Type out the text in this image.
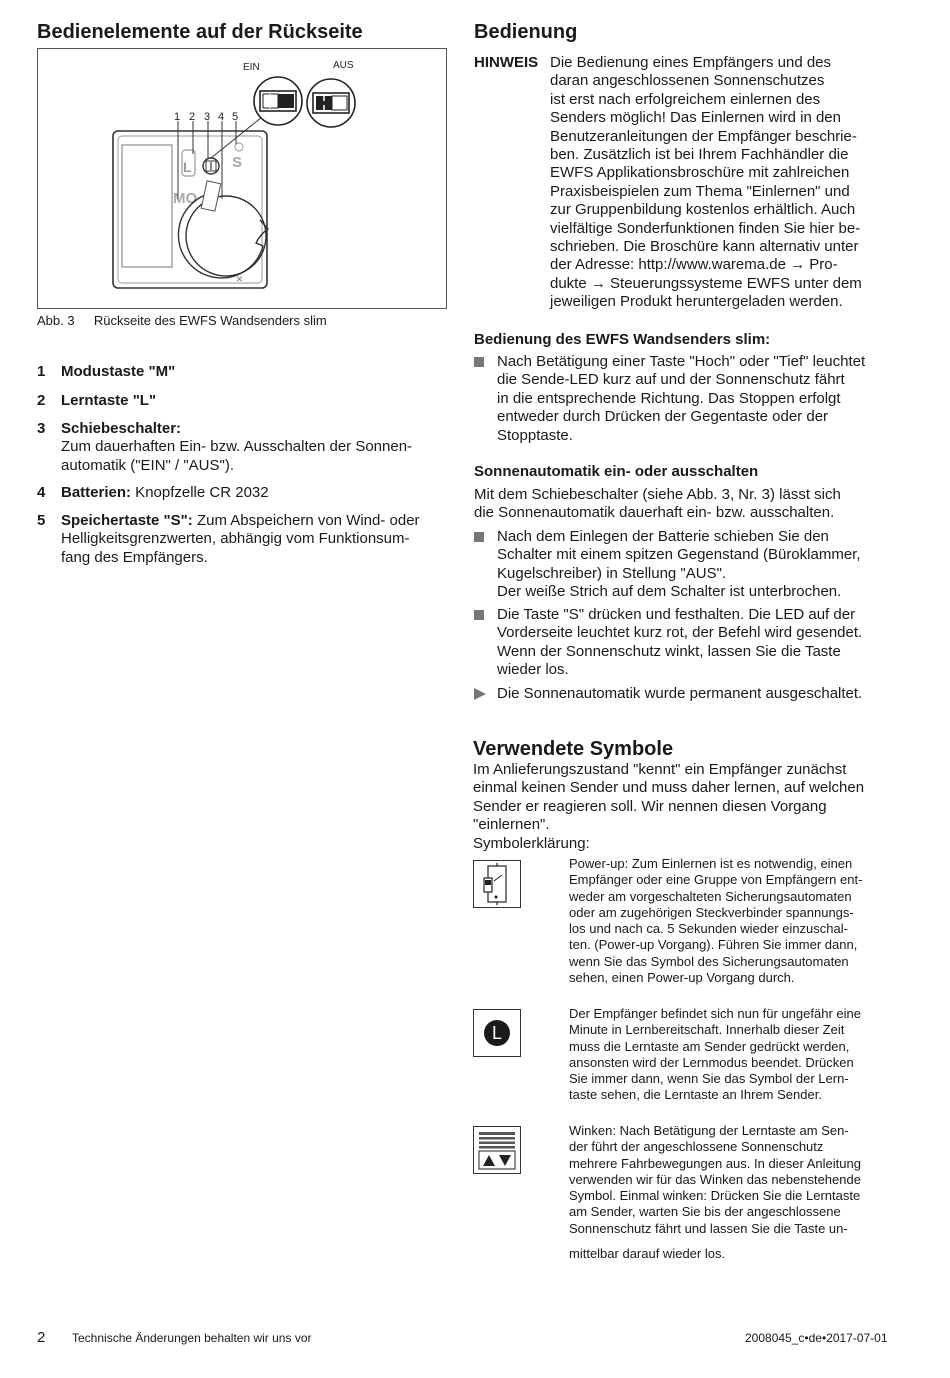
Bedienelemente auf der Rückseite
L
MO
S
×
1 2 3 4 5
EIN	AUS
Abb. 3 Rückseite des EWFS Wandsenders slim
1 Modustaste "M"
2 Lerntaste "L"
3 Schiebeschalter:
Zum dauerhaften Ein- bzw. Ausschalten der Sonnen-
automatik ("EIN" / "AUS").
4 Batterien: Knopfzelle CR 2032
5 Speichertaste "S": Zum Abspeichern von Wind- oder Helligkeitsgrenzwerten, abhängig vom Funktionsum-
fang des Empfängers.
Bedienung
HINWEIS Die Bedienung eines Empfängers und des
daran angeschlossenen Sonnenschutzes
ist erst nach erfolgreichem einlernen des
Senders möglich! Das Einlernen wird in den
Benutzeranleitungen der Empfänger beschrie-
ben. Zusätzlich ist bei Ihrem Fachhändler die
EWFS Applikationsbroschüre mit zahlreichen
Praxisbeispielen zum Thema "Einlernen" und
zur Gruppenbildung kostenlos erhältlich. Auch
vielfältige Sonderfunktionen finden Sie hier be-
schrieben. Die Broschüre kann alternativ unter
der Adresse: http://www.warema.de → Pro-
dukte → Steuerungssysteme EWFS unter dem
jeweiligen Produkt heruntergeladen werden.
Bedienung des EWFS Wandsenders slim:
Nach Betätigung einer Taste "Hoch" oder "Tief" leuchtet
die Sende-LED kurz auf und der Sonnenschutz fährt
in die entsprechende Richtung. Das Stoppen erfolgt
entweder durch Drücken der Gegentaste oder der
Stopptaste.
Sonnenautomatik ein- oder ausschalten
Mit dem Schiebeschalter (siehe Abb. 3, Nr. 3) lässt sich
die Sonnenautomatik dauerhaft ein- bzw. ausschalten.
Nach dem Einlegen der Batterie schieben Sie den
Schalter mit einem spitzen Gegenstand (Büroklammer,
Kugelschreiber) in Stellung "AUS".
Der weiße Strich auf dem Schalter ist unterbrochen.
Die Taste "S" drücken und festhalten. Die LED auf der
Vorderseite leuchtet kurz rot, der Befehl wird gesendet.
Wenn der Sonnenschutz winkt, lassen Sie die Taste
wieder los.
Die Sonnenautomatik wurde permanent ausgeschaltet.
Verwendete Symbole
Im Anlieferungszustand "kennt" ein Empfänger zunächst
einmal keinen Sender und muss daher lernen, auf welchen
Sender er reagieren soll. Wir nennen diesen Vorgang
"einlernen".
Symbolerklärung:
Power-up: Zum Einlernen ist es notwendig, einen
Empfänger oder eine Gruppe von Empfängern ent-
weder am vorgeschalteten Sicherungsautomaten
oder am zugehörigen Steckverbinder spannungs-
los und nach ca. 5 Sekunden wieder einzuschal-
ten. (Power-up Vorgang). Führen Sie immer dann,
wenn Sie das Symbol des Sicherungsautomaten
sehen, einen Power-up Vorgang durch.
L
Der Empfänger befindet sich nun für ungefähr eine
Minute in Lernbereitschaft. Innerhalb dieser Zeit
muss die Lerntaste am Sender gedrückt werden,
ansonsten wird der Lernmodus beendet. Drücken
Sie immer dann, wenn Sie das Symbol der Lern-
taste sehen, die Lerntaste an Ihrem Sender.
Winken: Nach Betätigung der Lerntaste am Sen-
der führt der angeschlossene Sonnenschutz
mehrere Fahrbewegungen aus. In dieser Anleitung
verwenden wir für das Winken das nebenstehende
Symbol. Einmal winken: Drücken Sie die Lerntaste
am Sender, warten Sie bis der angeschlossene
Sonnenschutz fährt und lassen Sie die Taste un-
mittelbar darauf wieder los.
2 Technische Änderungen behalten wir uns vor	2008045_c•de•2017-07-01
